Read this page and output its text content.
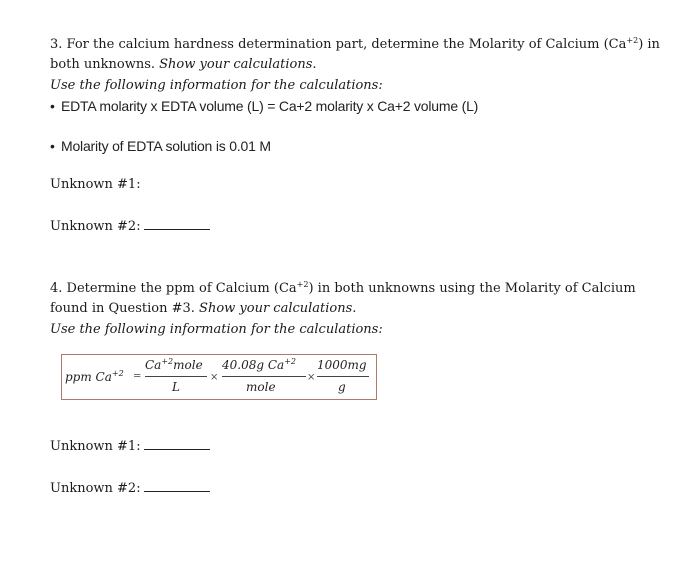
3. For the calcium hardness determination part, determine the Molarity of Calcium $(Ca^{+2})$ in
both unknowns. Show your calculations.
Use the following information for the calculations:
• EDTA molarity x EDTA volume (L) = Ca+2 molarity x Ca+2 volume (L)
• Molarity of EDTA solution is 0.01 M
Unknown #1:
Unknown #2:
4. Determine the ppm of Calcium $(Ca^{+2})$ in both unknowns using the Molarity of Calcium
found in Question #3. Show your calculations.
Use the following information for the calculations:
ppm $Ca^{+2}$ =
$Ca^{+2}mole$
L
×
40.08g $Ca^{+2}$
mole
×
1000mg
g
Unknown #1:
Unknown #2:
